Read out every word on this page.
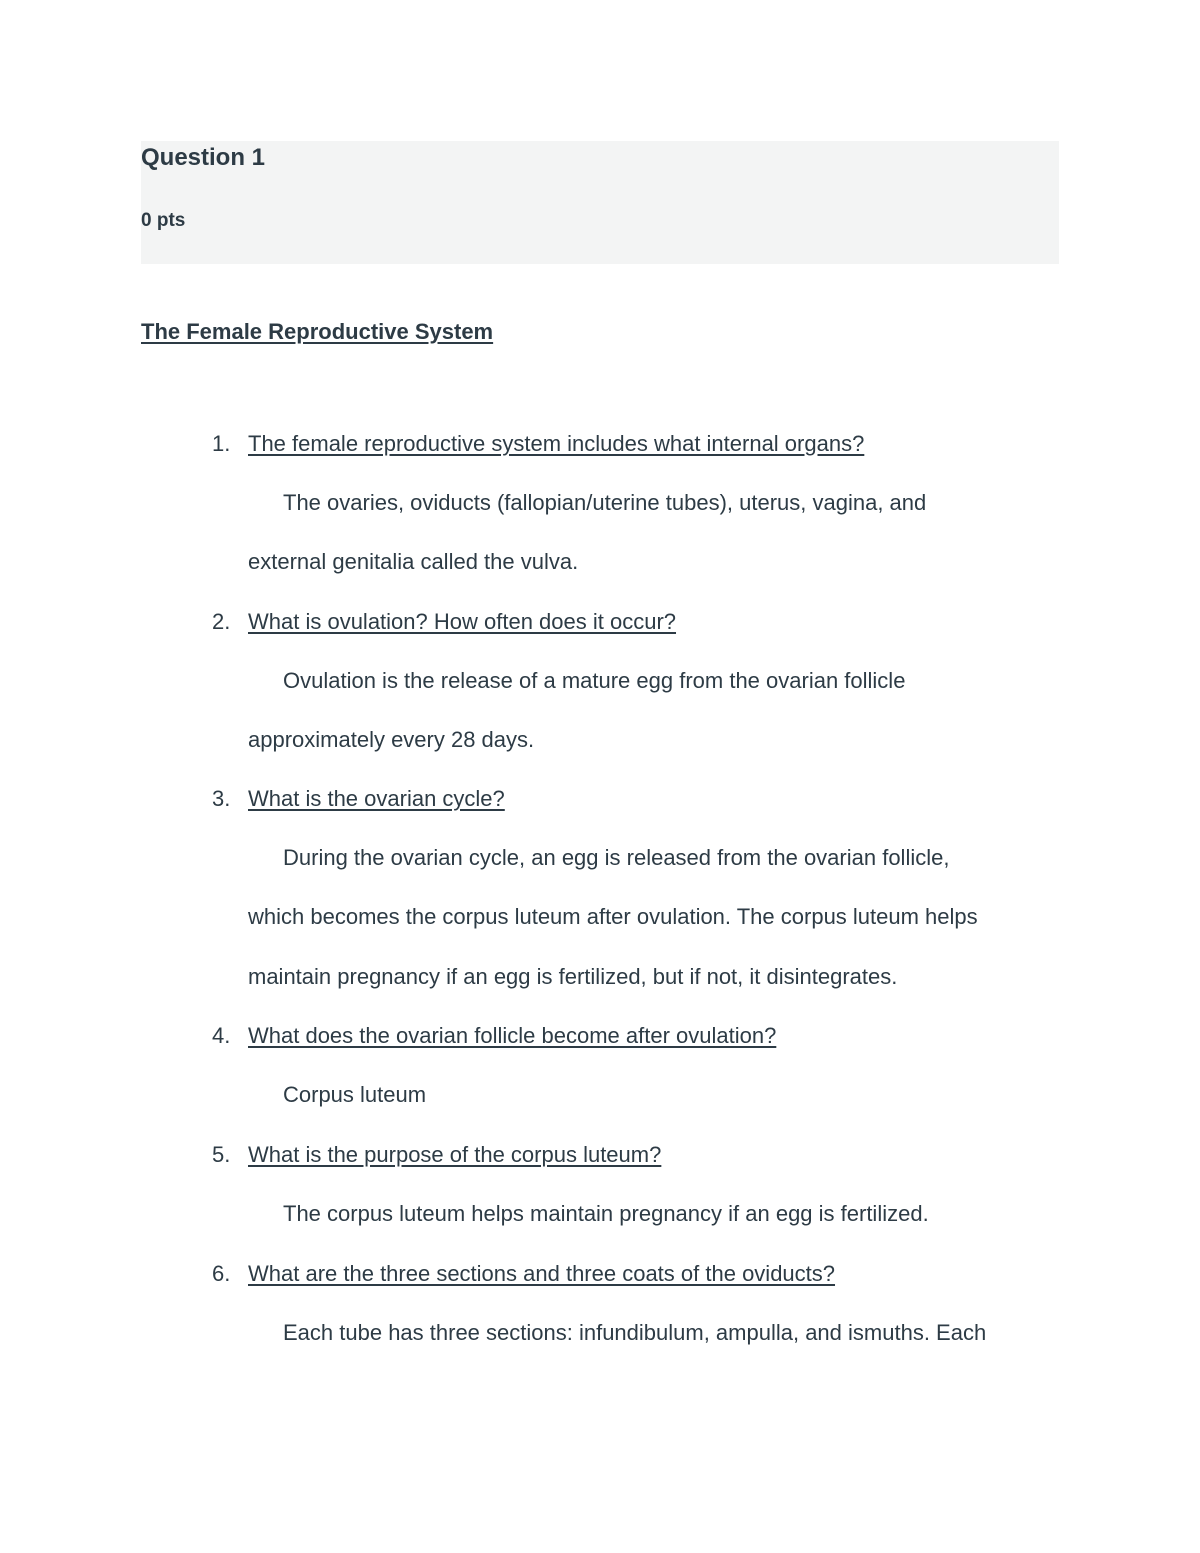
Question 1
0 pts
The Female Reproductive System
1. The female reproductive system includes what internal organs?
The ovaries, oviducts (fallopian/uterine tubes), uterus, vagina, and
external genitalia called the vulva.
2. What is ovulation? How often does it occur?
Ovulation is the release of a mature egg from the ovarian follicle
approximately every 28 days.
3. What is the ovarian cycle?
During the ovarian cycle, an egg is released from the ovarian follicle,
which becomes the corpus luteum after ovulation. The corpus luteum helps
maintain pregnancy if an egg is fertilized, but if not, it disintegrates.
4. What does the ovarian follicle become after ovulation?
Corpus luteum
5. What is the purpose of the corpus luteum?
The corpus luteum helps maintain pregnancy if an egg is fertilized.
6. What are the three sections and three coats of the oviducts?
Each tube has three sections: infundibulum, ampulla, and ismuths. Each
